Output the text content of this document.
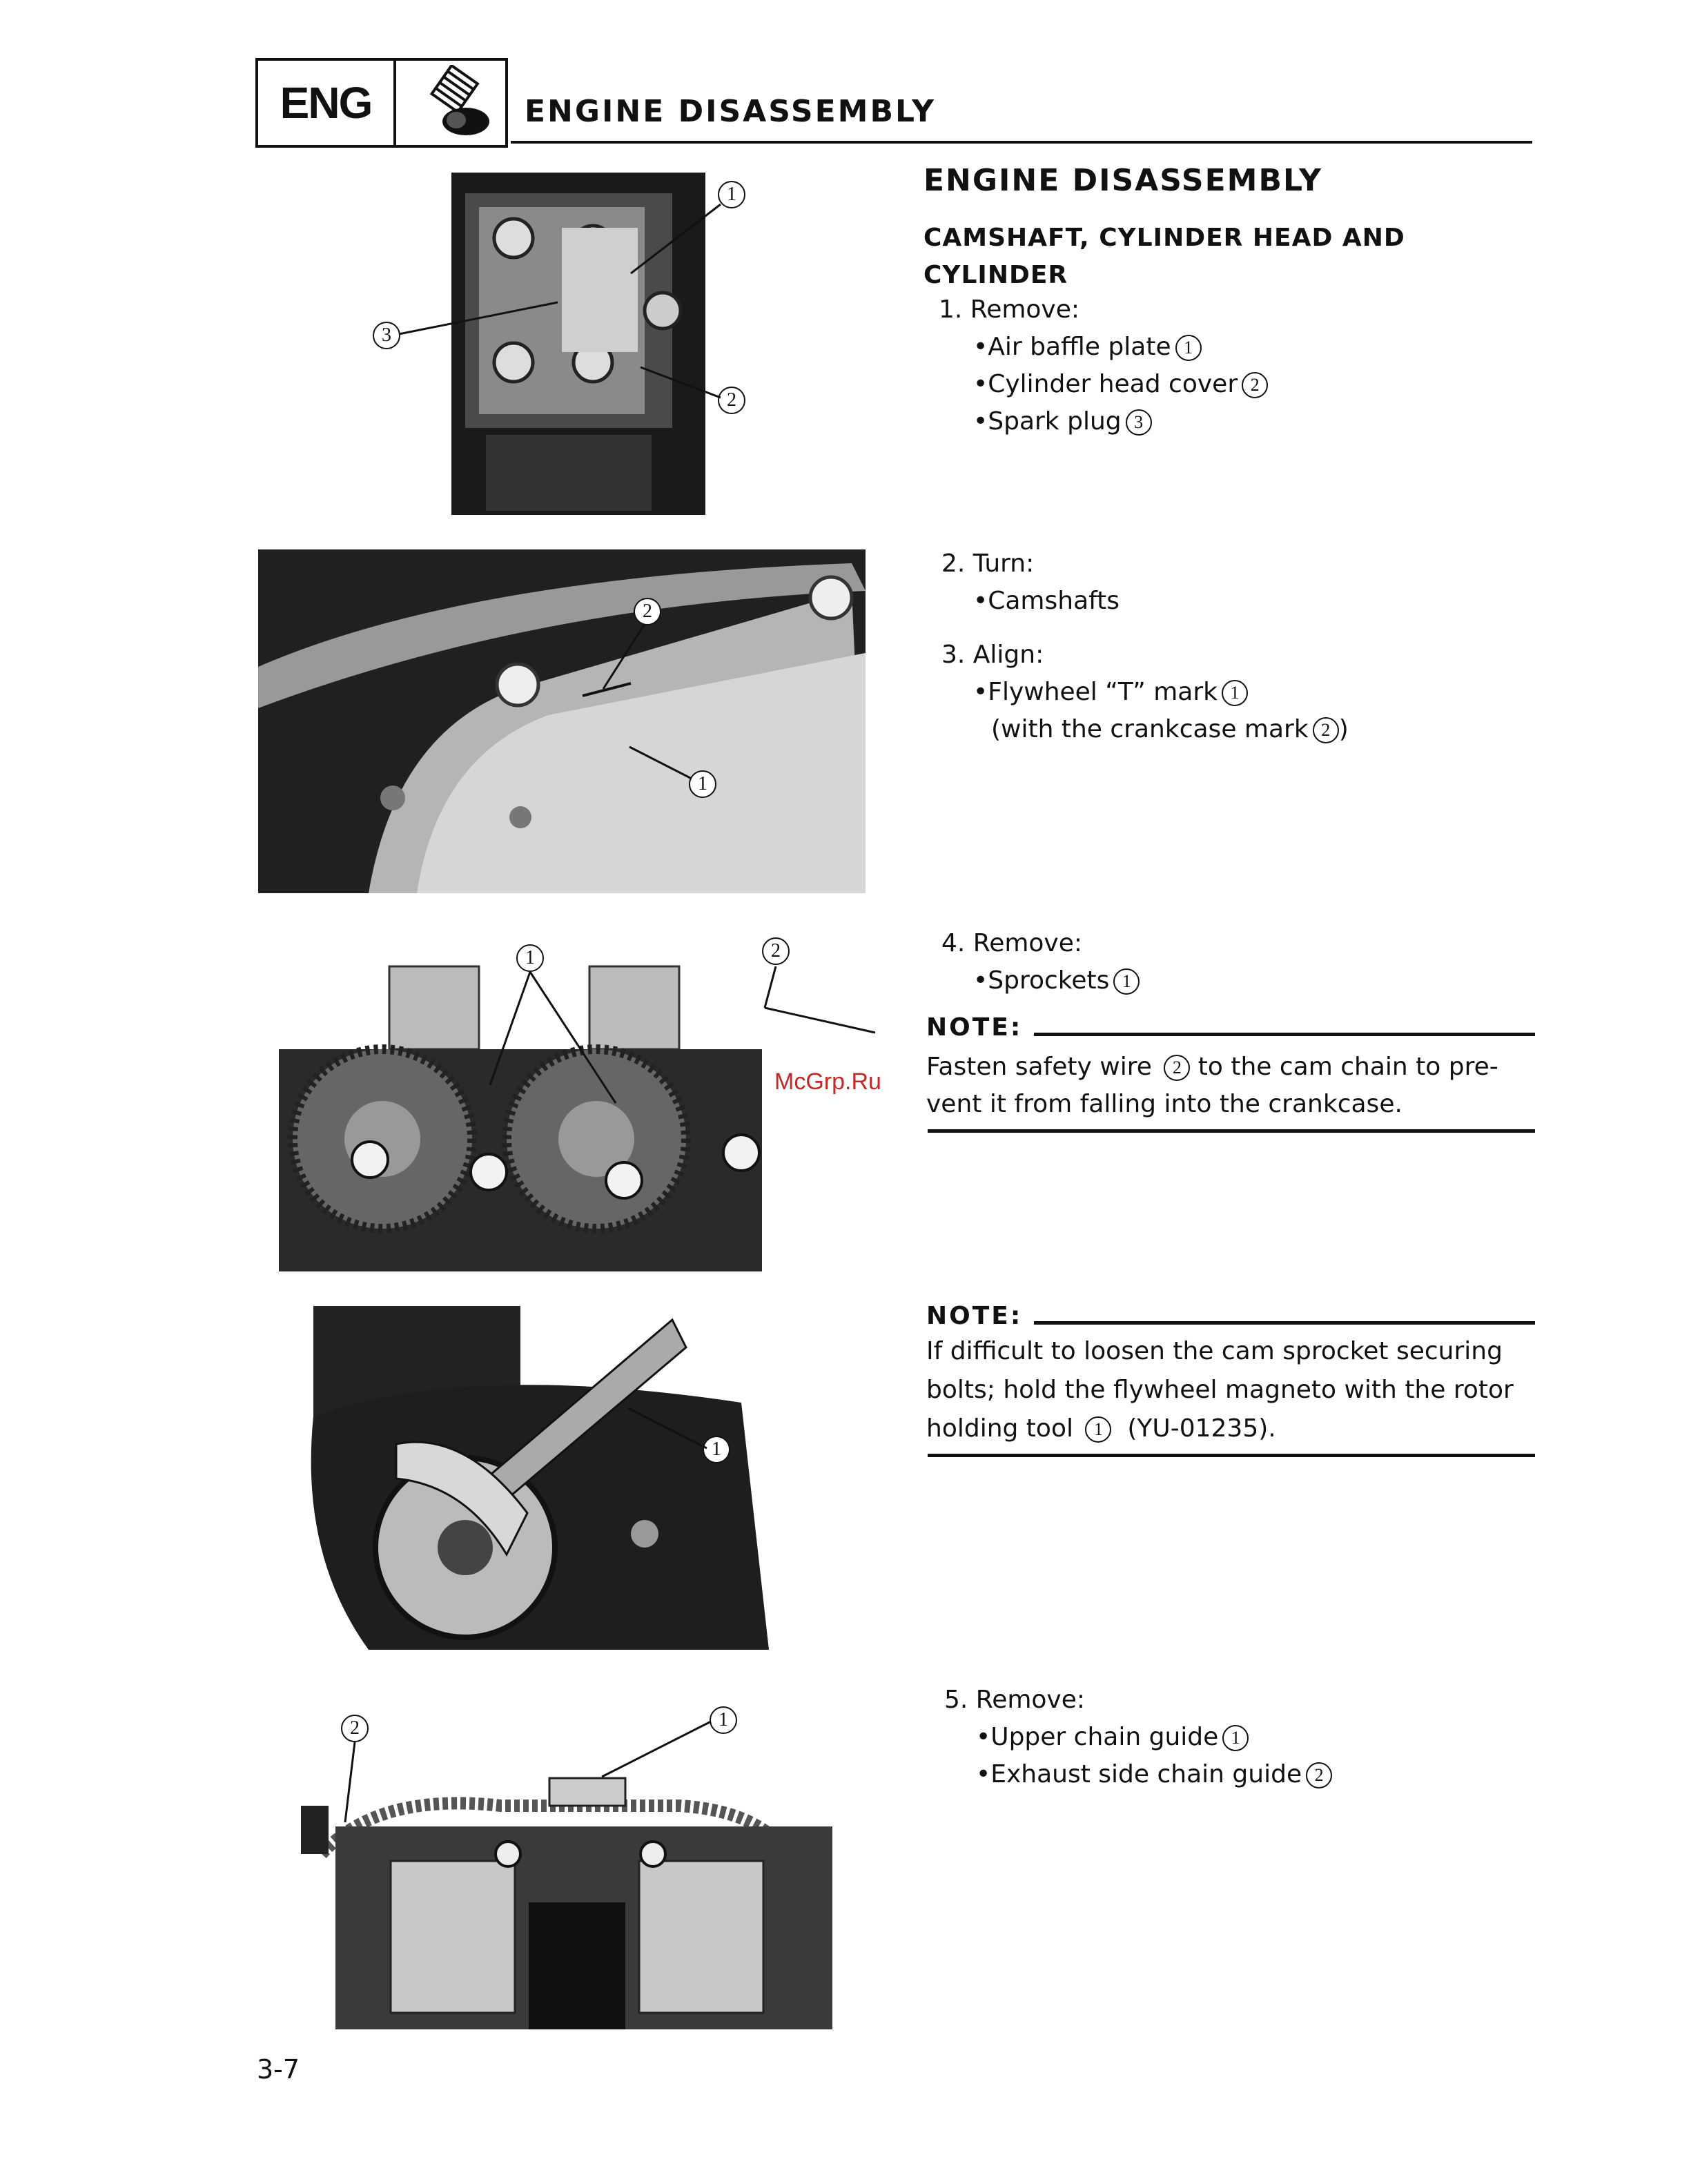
ENG	ENGINE DISASSEMBLY
1
2
3
2
1
1	2
1
2	1
ENGINE DISASSEMBLY
CAMSHAFT, CYLINDER HEAD AND
CYLINDER
1. Remove:
•Air baffle plate 1
•Cylinder head cover 2
•Spark plug 3
2. Turn:
•Camshafts
3. Align:
•Flywheel “T” mark 1
(with the crankcase mark 2 )
4. Remove:
•Sprockets 1
NOTE:
Fasten safety wire 2 to the cam chain to pre-
vent it from falling into the crankcase.
McGrp.Ru
NOTE:
If difficult to loosen the cam sprocket securing
bolts; hold the flywheel magneto with the rotor
holding tool 1 (YU-01235).
5. Remove:
•Upper chain guide 1
•Exhaust side chain guide 2
3-7
